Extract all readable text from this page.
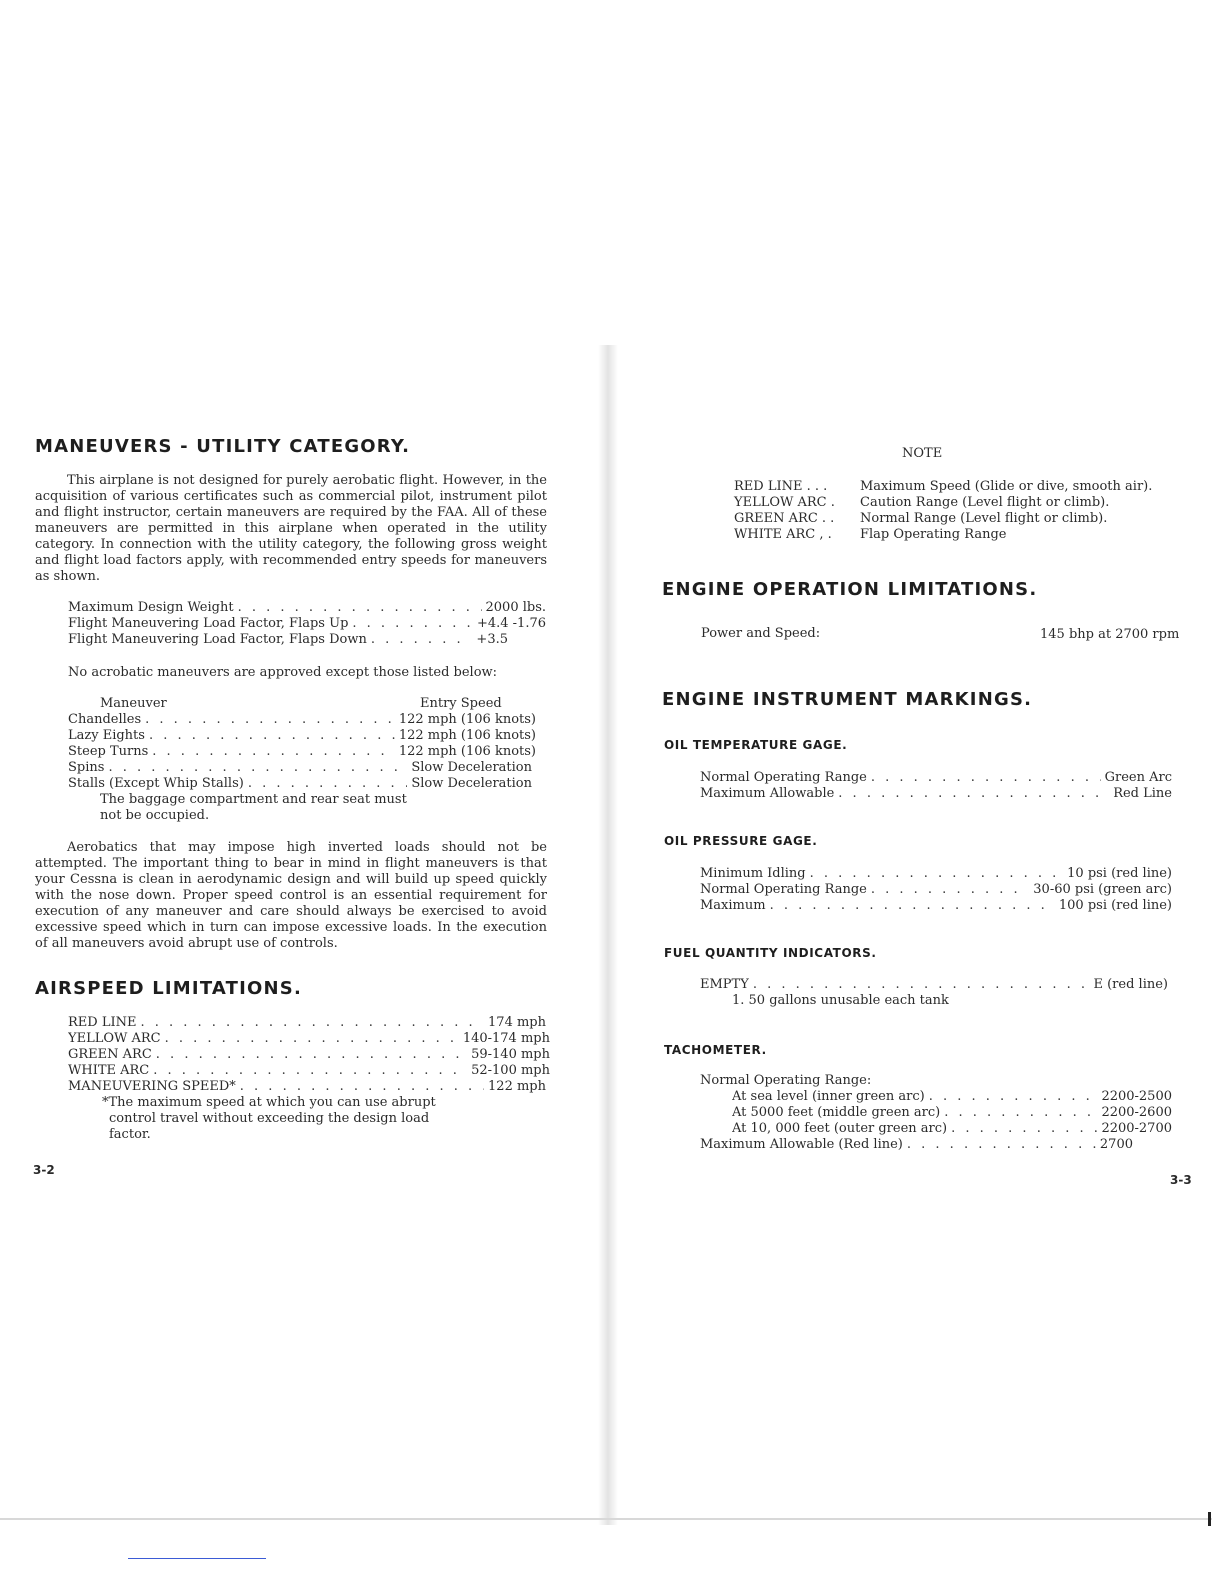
MANEUVERS - UTILITY CATEGORY.
This airplane is not designed for purely aerobatic flight. However, in the acquisition of various certificates such as commercial pilot, instrument pilot and flight instructor, certain maneuvers are required by the FAA. All of these maneuvers are permitted in this airplane when operated in the utility category. In connection with the utility category, the following gross weight and flight load factors apply, with recommended entry speeds for maneuvers as shown.
Maximum Design Weight . . .	2000 lbs.
Flight Maneuvering Load Factor, Flaps Up . . .	+4.4 -1.76
Flight Maneuvering Load Factor, Flaps Down . . .	+3.5
No acrobatic maneuvers are approved except those listed below:
Maneuver	Entry Speed
Chandelles . . .	122 mph (106 knots)
Lazy Eights . . .	122 mph (106 knots)
Steep Turns . . .	122 mph (106 knots)
Spins . . .	Slow Deceleration
Stalls (Except Whip Stalls) . . .	Slow Deceleration
The baggage compartment and rear seat must
not be occupied.
Aerobatics that may impose high inverted loads should not be attempted. The important thing to bear in mind in flight maneuvers is that your Cessna is clean in aerodynamic design and will build up speed quickly with the nose down. Proper speed control is an essential requirement for execution of any maneuver and care should always be exercised to avoid excessive speed which in turn can impose excessive loads. In the execution of all maneuvers avoid abrupt use of controls.
AIRSPEED LIMITATIONS.
RED LINE . . .	174 mph
YELLOW ARC . . .	140-174 mph
GREEN ARC . . .	59-140 mph
WHITE ARC . . .	52-100 mph
MANEUVERING SPEED* . . .	122 mph
*The maximum speed at which you can use abrupt
control travel without exceeding the design load
factor.
3-2
NOTE
RED LINE . . .	Maximum Speed (Glide or dive, smooth air).
YELLOW ARC . Caution Range (Level flight or climb).
GREEN ARC . . Normal Range (Level flight or climb).
WHITE ARC , . Flap Operating Range
ENGINE OPERATION LIMITATIONS.
Power and Speed:	145 bhp at 2700 rpm
ENGINE INSTRUMENT MARKINGS.
OIL TEMPERATURE GAGE.
Normal Operating Range . . .	Green Arc
Maximum Allowable . . .	Red Line
OIL PRESSURE GAGE.
Minimum Idling . . .	10 psi (red line)
Normal Operating Range . . .	30-60 psi (green arc)
Maximum . . .	100 psi (red line)
FUEL QUANTITY INDICATORS.
EMPTY . . .	E (red line)
1. 50 gallons unusable each tank
TACHOMETER.
Normal Operating Range:
At sea level (inner green arc) . . .	2200-2500
At 5000 feet (middle green arc) . . .	2200-2600
At 10, 000 feet (outer green arc) . . .	2200-2700
Maximum Allowable (Red line) . . .	2700
3-3
